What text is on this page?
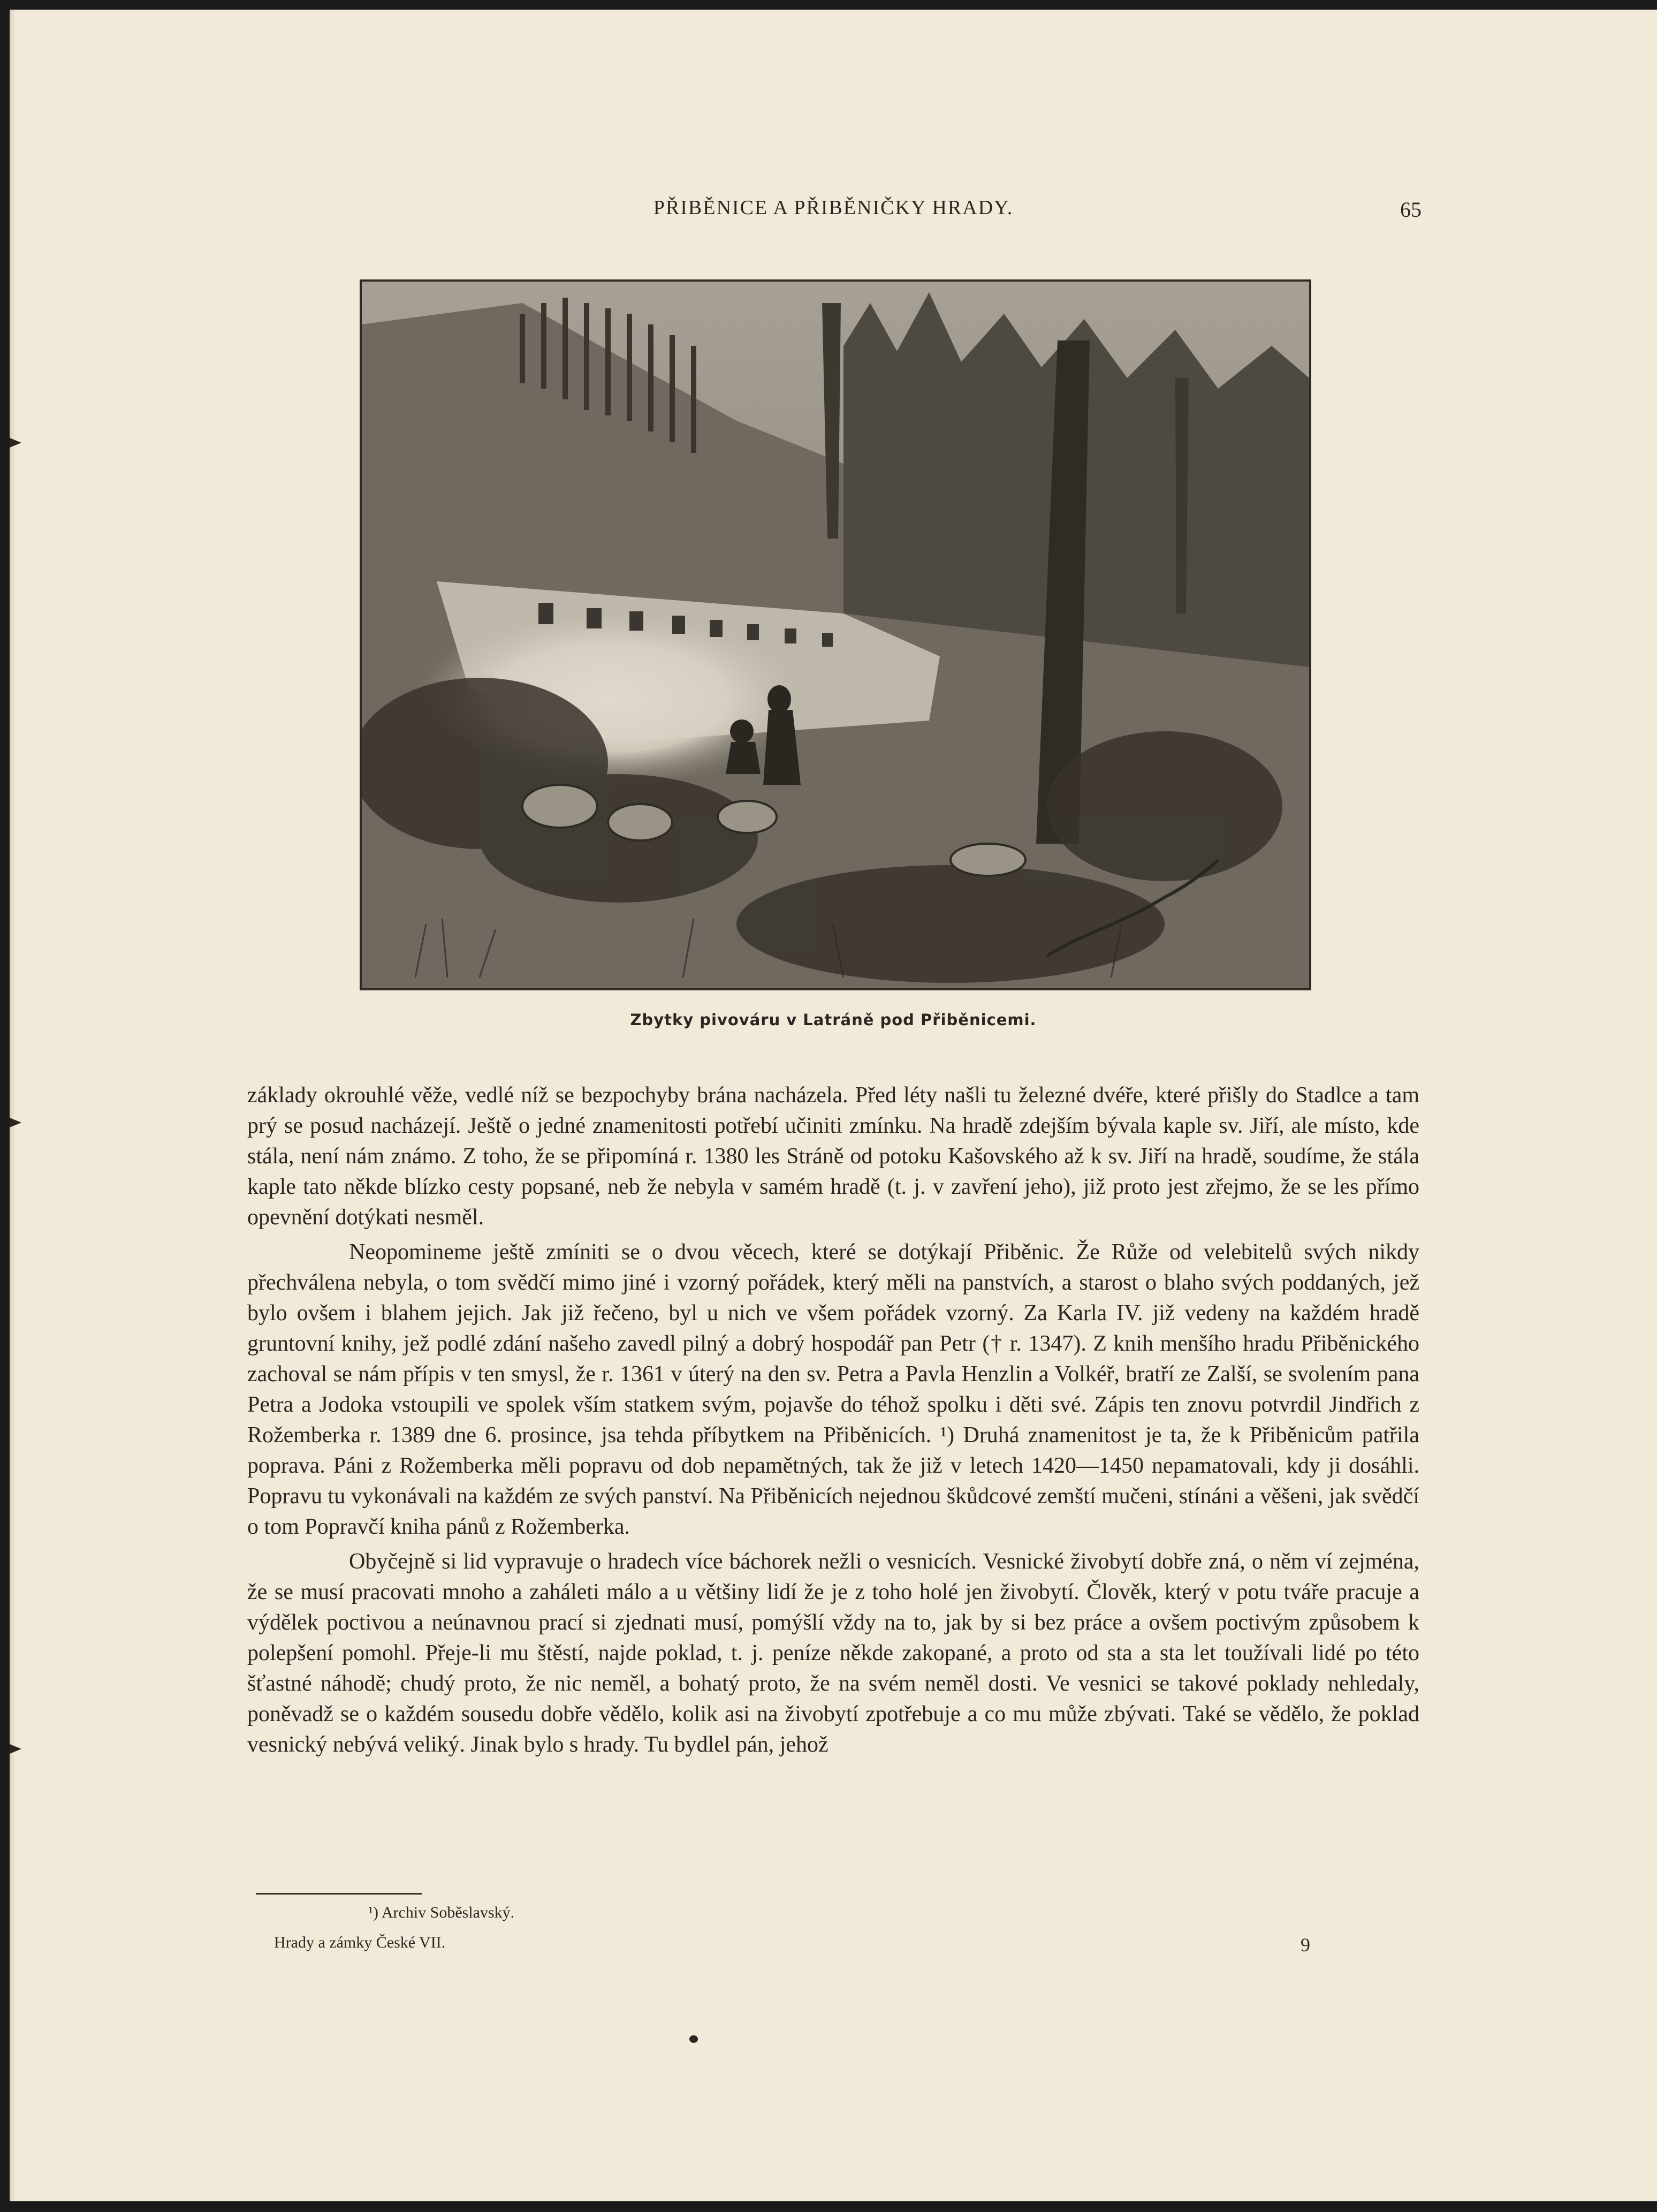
PŘIBĚNICE A PŘIBĚNIČKY HRADY.	65
Zbytky pivováru v Latráně pod Přiběnicemi.

základy okrouhlé věže, vedlé níž se bezpochyby brána nacházela. Před léty našli tu železné dvéře, které přišly do Stadlce a tam prý se posud nacházejí. Ještě o jedné znamenitosti potřebí učiniti zmínku. Na hradě zdejším bývala kaple sv. Jiří, ale místo, kde stála, není nám známo. Z toho, že se připomíná r. 1380 les Stráně od potoku Kašovského až k sv. Jiří na hradě, soudíme, že stála kaple tato někde blízko cesty popsané, neb že nebyla v samém hradě (t. j. v zavření jeho), již proto jest zřejmo, že se les přímo opevnění dotýkati nesměl.

Neopomineme ještě zmíniti se o dvou věcech, které se dotýkají Přiběnic. Že Růže od velebitelů svých nikdy přechválena nebyla, o tom svědčí mimo jiné i vzorný pořádek, který měli na panstvích, a starost o blaho svých poddaných, jež bylo ovšem i blahem jejich. Jak již řečeno, byl u nich ve všem pořádek vzorný. Za Karla IV. již vedeny na každém hradě gruntovní knihy, jež podlé zdání našeho zavedl pilný a dobrý hospodář pan Petr († r. 1347). Z knih menšího hradu Přiběnického zachoval se nám přípis v ten smysl, že r. 1361 v úterý na den sv. Petra a Pavla Henzlin a Volkéř, bratří ze Zalší, se svolením pana Petra a Jodoka vstoupili ve spolek vším statkem svým, pojavše do téhož spolku i děti své. Zápis ten znovu potvrdil Jindřich z Rožemberka r. 1389 dne 6. prosince, jsa tehda příbytkem na Přiběnicích. ¹) Druhá znamenitost je ta, že k Přiběnicům patřila poprava. Páni z Rožemberka měli popravu od dob nepamětných, tak že již v letech 1420—1450 nepamatovali, kdy ji dosáhli. Popravu tu vykonávali na každém ze svých panství. Na Přiběnicích nejednou škůdcové zemští mučeni, stínáni a věšeni, jak svědčí o tom Popravčí kniha pánů z Rožemberka.

Obyčejně si lid vypravuje o hradech více báchorek nežli o vesnicích. Vesnické živobytí dobře zná, o něm ví zejména, že se musí pracovati mnoho a zaháleti málo a u většiny lidí že je z toho holé jen živobytí. Člověk, který v potu tváře pracuje a výdělek poctivou a neúnavnou prací si zjednati musí, pomýšlí vždy na to, jak by si bez práce a ovšem poctivým způsobem k polepšení pomohl. Přeje-li mu štěstí, najde poklad, t. j. peníze někde zakopané, a proto od sta a sta let toužívali lidé po této šťastné náhodě; chudý proto, že nic neměl, a bohatý proto, že na svém neměl dosti. Ve vesnici se takové poklady nehledaly, poněvadž se o každém sousedu dobře vědělo, kolik asi na živobytí zpotřebuje a co mu může zbývati. Také se vědělo, že poklad vesnický nebývá veliký. Jinak bylo s hrady. Tu bydlel pán, jehož

¹) Archiv Soběslavský.
Hrady a zámky České VII.	9
